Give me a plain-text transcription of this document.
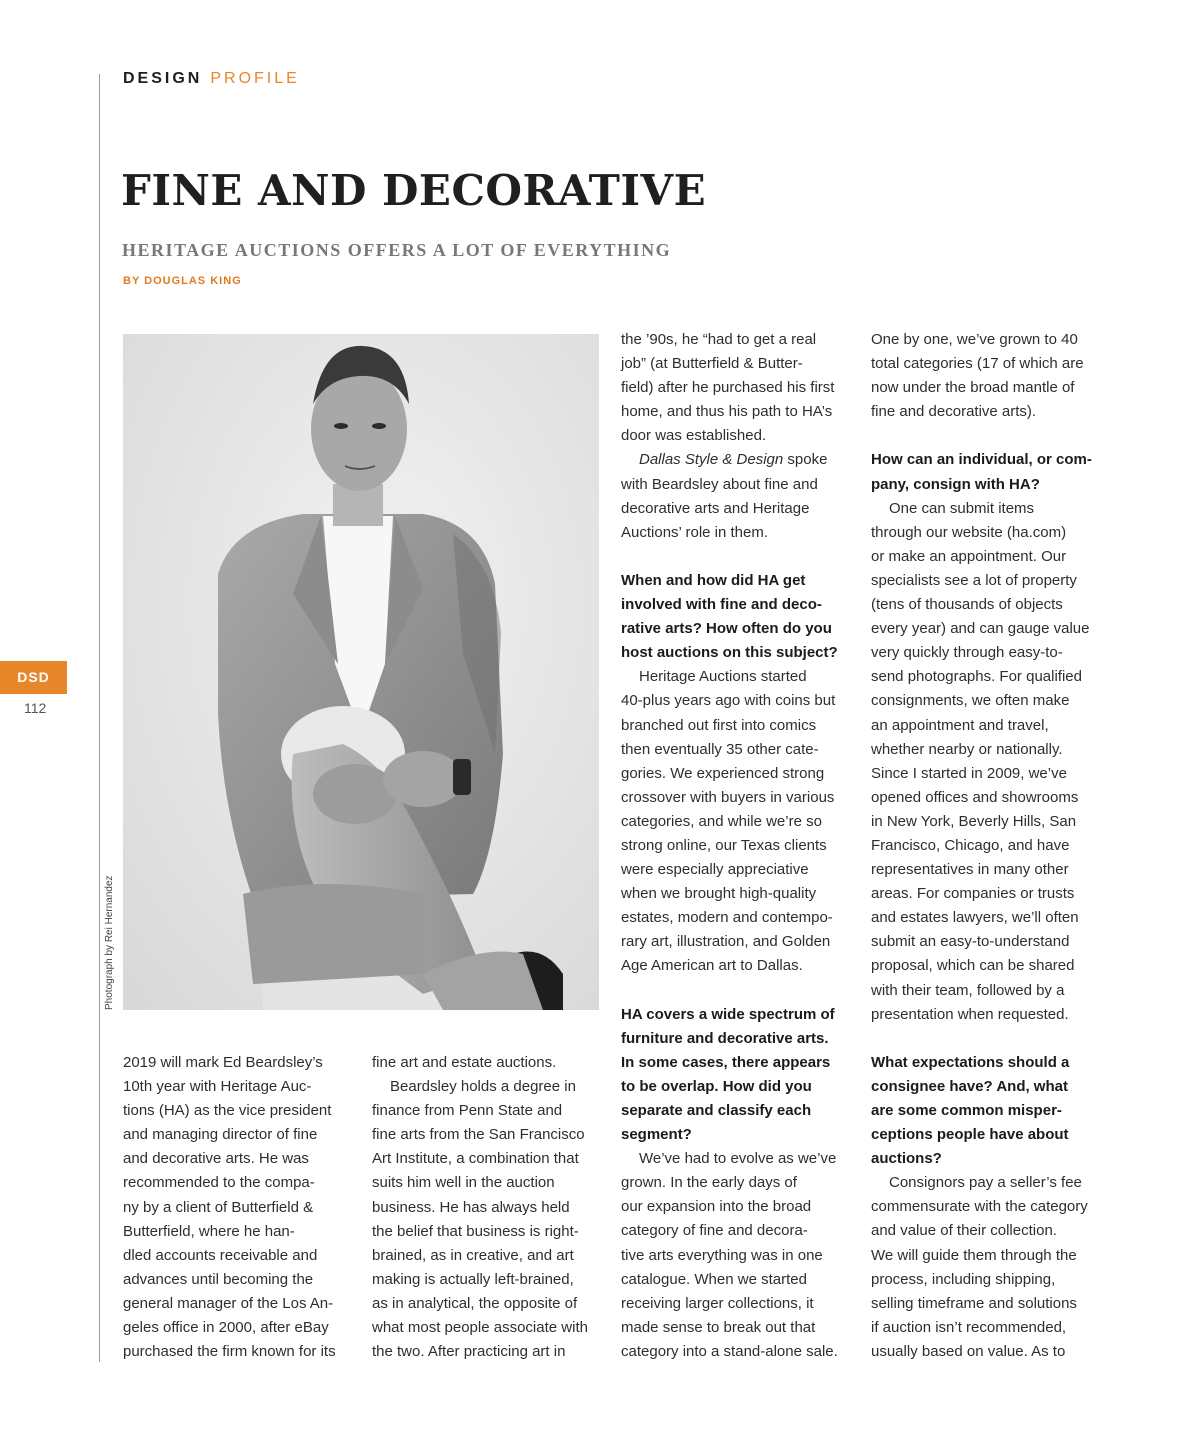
DESIGN PROFILE
FINE AND DECORATIVE
HERITAGE AUCTIONS OFFERS A LOT OF EVERYTHING
BY DOUGLAS KING
Photograph by Rei Hernandez
DSD
112

2019 will mark Ed Beardsley’s
10th year with Heritage Auc-
tions (HA) as the vice president
and managing director of fine
and decorative arts. He was
recommended to the compa-
ny by a client of Butterfield &
Butterfield, where he han-
dled accounts receivable and
advances until becoming the
general manager of the Los An-
geles office in 2000, after eBay
purchased the firm known for its

fine art and estate auctions.

Beardsley holds a degree in
finance from Penn State and
fine arts from the San Francisco
Art Institute, a combination that
suits him well in the auction
business. He has always held
the belief that business is right-
brained, as in creative, and art
making is actually left-brained,
as in analytical, the opposite of
what most people associate with
the two. After practicing art in

the ’90s, he “had to get a real
job” (at Butterfield & Butter-
field) after he purchased his first
home, and thus his path to HA’s
door was established.

Dallas Style & Design spoke
with Beardsley about fine and
decorative arts and Heritage
Auctions’ role in them.

When and how did HA get
involved with fine and deco-
rative arts? How often do you
host auctions on this subject?

Heritage Auctions started
40-plus years ago with coins but
branched out first into comics
then eventually 35 other cate-
gories. We experienced strong
crossover with buyers in various
categories, and while we’re so
strong online, our Texas clients
were especially appreciative
when we brought high-quality
estates, modern and contempo-
rary art, illustration, and Golden
Age American art to Dallas.

HA covers a wide spectrum of
furniture and decorative arts.
In some cases, there appears
to be overlap. How did you
separate and classify each
segment?

We’ve had to evolve as we’ve
grown. In the early days of
our expansion into the broad
category of fine and decora-
tive arts everything was in one
catalogue. When we started
receiving larger collections, it
made sense to break out that
category into a stand-alone sale.

One by one, we’ve grown to 40
total categories (17 of which are
now under the broad mantle of
fine and decorative arts).

How can an individual, or com-
pany, consign with HA?

One can submit items
through our website (ha.com)
or make an appointment. Our
specialists see a lot of property
(tens of thousands of objects
every year) and can gauge value
very quickly through easy-to-
send photographs. For qualified
consignments, we often make
an appointment and travel,
whether nearby or nationally.
Since I started in 2009, we’ve
opened offices and showrooms
in New York, Beverly Hills, San
Francisco, Chicago, and have
representatives in many other
areas. For companies or trusts
and estates lawyers, we’ll often
submit an easy-to-understand
proposal, which can be shared
with their team, followed by a
presentation when requested.

What expectations should a
consignee have? And, what
are some common misper-
ceptions people have about
auctions?

Consignors pay a seller’s fee
commensurate with the category
and value of their collection.
We will guide them through the
process, including shipping,
selling timeframe and solutions
if auction isn’t recommended,
usually based on value. As to
